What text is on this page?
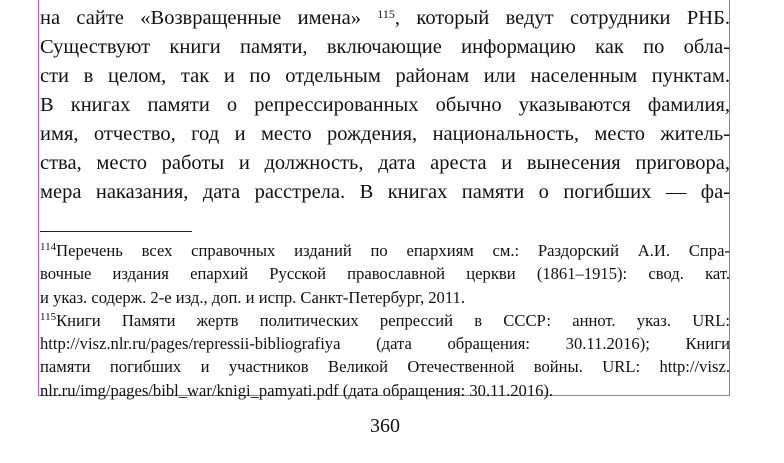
на сайте «Возвращенные имена» $^{115}$, который ведут сотрудники РНБ.
Существуют книги памяти, включающие информацию как по обла-
сти в целом, так и по отдельным районам или населенным пунктам.
В книгах памяти о репрессированных обычно указываются фамилия,
имя, отчество, год и место рождения, национальность, место житель-
ства, место работы и должность, дата ареста и вынесения приговора,
мера наказания, дата расстрела. В книгах памяти о погибших — фа-
$^{114}$Перечень всех справочных изданий по епархиям см.: Раздорский А.И. Спра-
вочные издания епархий Русской православной церкви (1861–1915): свод. кат.
и указ. содерж. 2-е изд., доп. и испр. Санкт-Петербург, 2011.
$^{115}$Книги Памяти жертв политических репрессий в СССР: аннот. указ. URL:
http://visz.nlr.ru/pages/repressii-bibliografiya (дата обращения: 30.11.2016); Книги
памяти погибших и участников Великой Отечественной войны. URL: http://visz.
nlr.ru/img/pages/bibl_war/knigi_pamyati.pdf (дата обращения: 30.11.2016).
360
